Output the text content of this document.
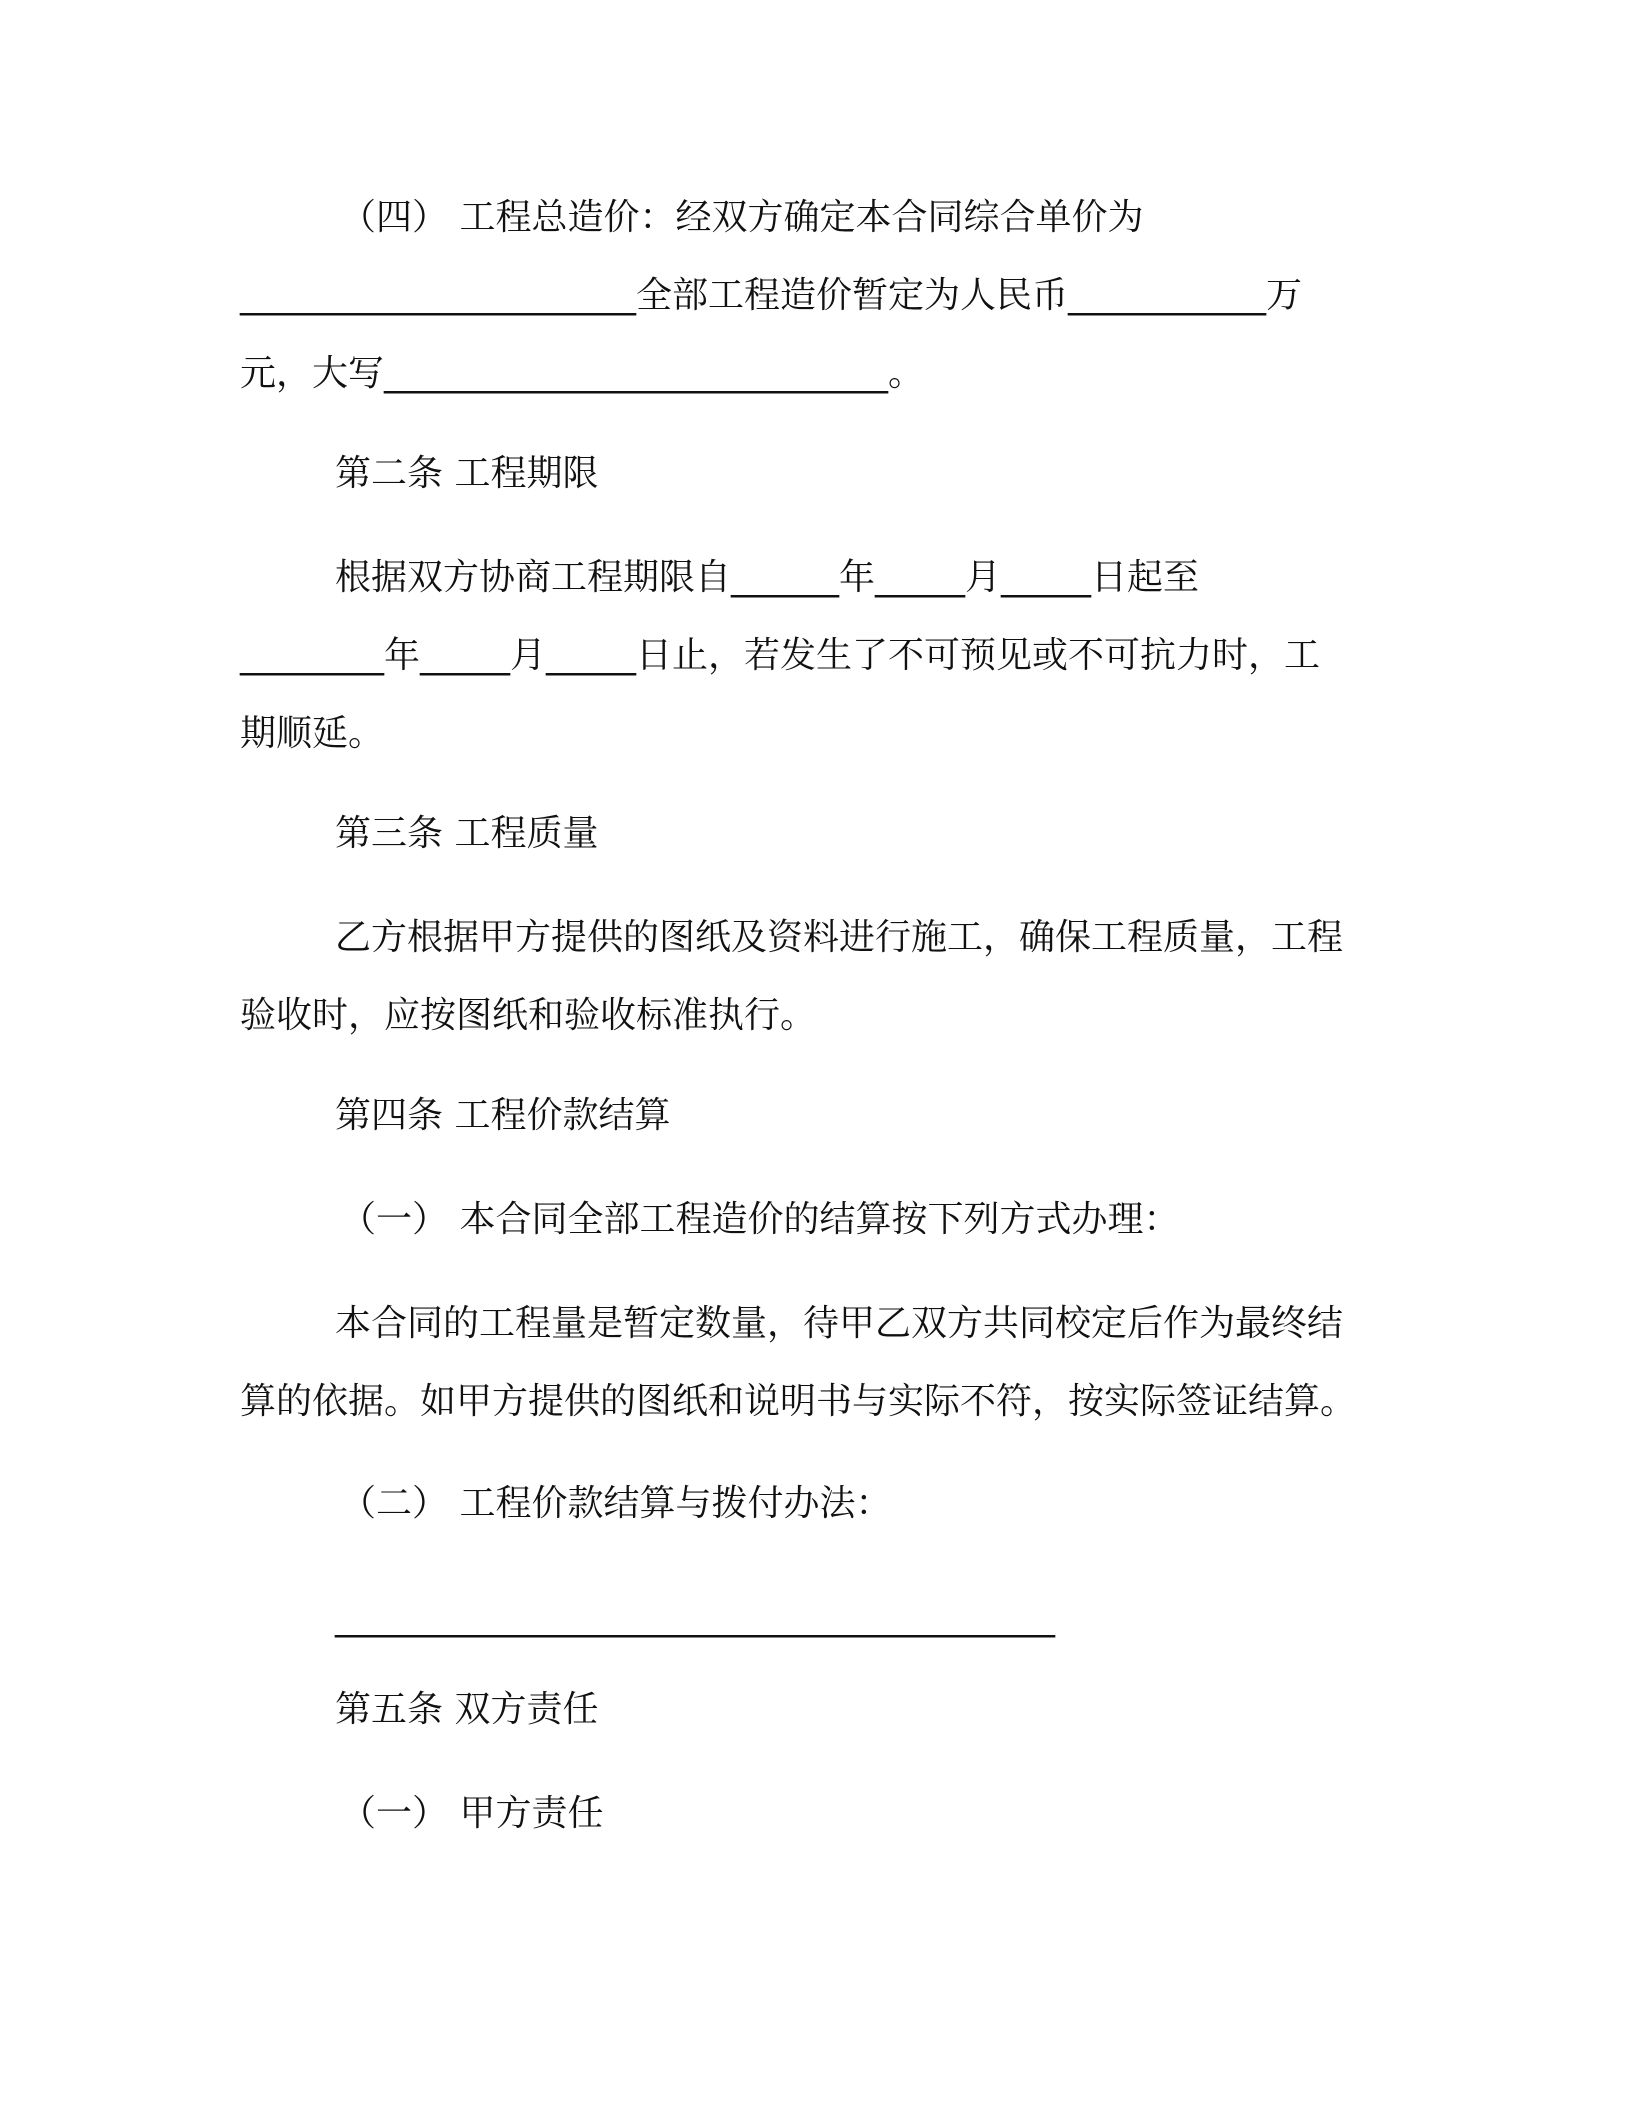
（四） 工程总造价：经双方确定本合同综合单价为
______________________全部工程造价暂定为人民币___________万
元，大写____________________________。
第二条 工程期限
根据双方协商工程期限自______年_____月_____日起至
________年_____月_____日止，若发生了不可预见或不可抗力时，工
期顺延。
第三条 工程质量
乙方根据甲方提供的图纸及资料进行施工，确保工程质量，工程
验收时，应按图纸和验收标准执行。
第四条 工程价款结算
（一） 本合同全部工程造价的结算按下列方式办理：
本合同的工程量是暂定数量，待甲乙双方共同校定后作为最终结
算的依据。如甲方提供的图纸和说明书与实际不符，按实际签证结算。
（二） 工程价款结算与拨付办法：
________________________________________
第五条 双方责任
（一） 甲方责任
